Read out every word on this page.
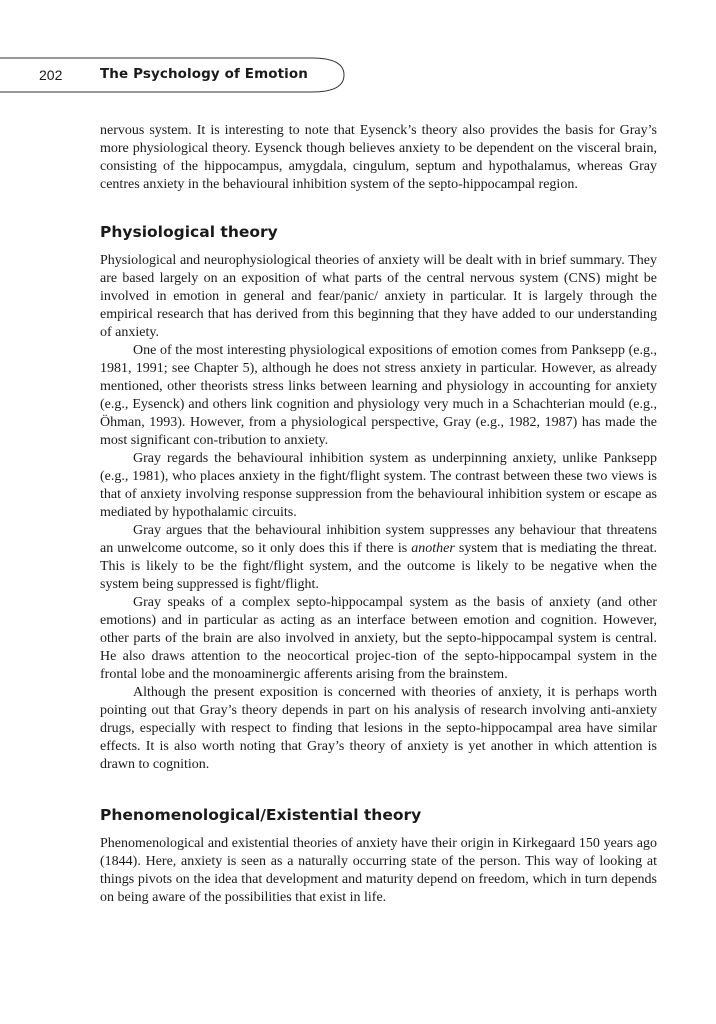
202	The Psychology of Emotion

nervous system. It is interesting to note that Eysenck’s theory also provides the basis for Gray’s more physiological theory. Eysenck though believes anxiety to be dependent on the visceral brain, consisting of the hippocampus, amygdala, cingulum, septum and hypothalamus, whereas Gray centres anxiety in the behavioural inhibition system of the septo-hippocampal region.

Physiological theory

Physiological and neurophysiological theories of anxiety will be dealt with in brief summary. They are based largely on an exposition of what parts of the central nervous system (CNS) might be involved in emotion in general and fear/panic/ anxiety in particular. It is largely through the empirical research that has derived from this beginning that they have added to our understanding of anxiety.

One of the most interesting physiological expositions of emotion comes from Panksepp (e.g., 1981, 1991; see Chapter 5), although he does not stress anxiety in particular. However, as already mentioned, other theorists stress links between learning and physiology in accounting for anxiety (e.g., Eysenck) and others link cognition and physiology very much in a Schachterian mould (e.g., Öhman, 1993). However, from a physiological perspective, Gray (e.g., 1982, 1987) has made the most significant con-tribution to anxiety.

Gray regards the behavioural inhibition system as underpinning anxiety, unlike Panksepp (e.g., 1981), who places anxiety in the fight/flight system. The contrast between these two views is that of anxiety involving response suppression from the behavioural inhibition system or escape as mediated by hypothalamic circuits.

Gray argues that the behavioural inhibition system suppresses any behaviour that threatens an unwelcome outcome, so it only does this if there is another system that is mediating the threat. This is likely to be the fight/flight system, and the outcome is likely to be negative when the system being suppressed is fight/flight.

Gray speaks of a complex septo-hippocampal system as the basis of anxiety (and other emotions) and in particular as acting as an interface between emotion and cognition. However, other parts of the brain are also involved in anxiety, but the septo-hippocampal system is central. He also draws attention to the neocortical projec-tion of the septo-hippocampal system in the frontal lobe and the monoaminergic afferents arising from the brainstem.

Although the present exposition is concerned with theories of anxiety, it is perhaps worth pointing out that Gray’s theory depends in part on his analysis of research involving anti-anxiety drugs, especially with respect to finding that lesions in the septo-hippocampal area have similar effects. It is also worth noting that Gray’s theory of anxiety is yet another in which attention is drawn to cognition.

Phenomenological/Existential theory

Phenomenological and existential theories of anxiety have their origin in Kirkegaard 150 years ago (1844). Here, anxiety is seen as a naturally occurring state of the person. This way of looking at things pivots on the idea that development and maturity depend on freedom, which in turn depends on being aware of the possibilities that exist in life.
